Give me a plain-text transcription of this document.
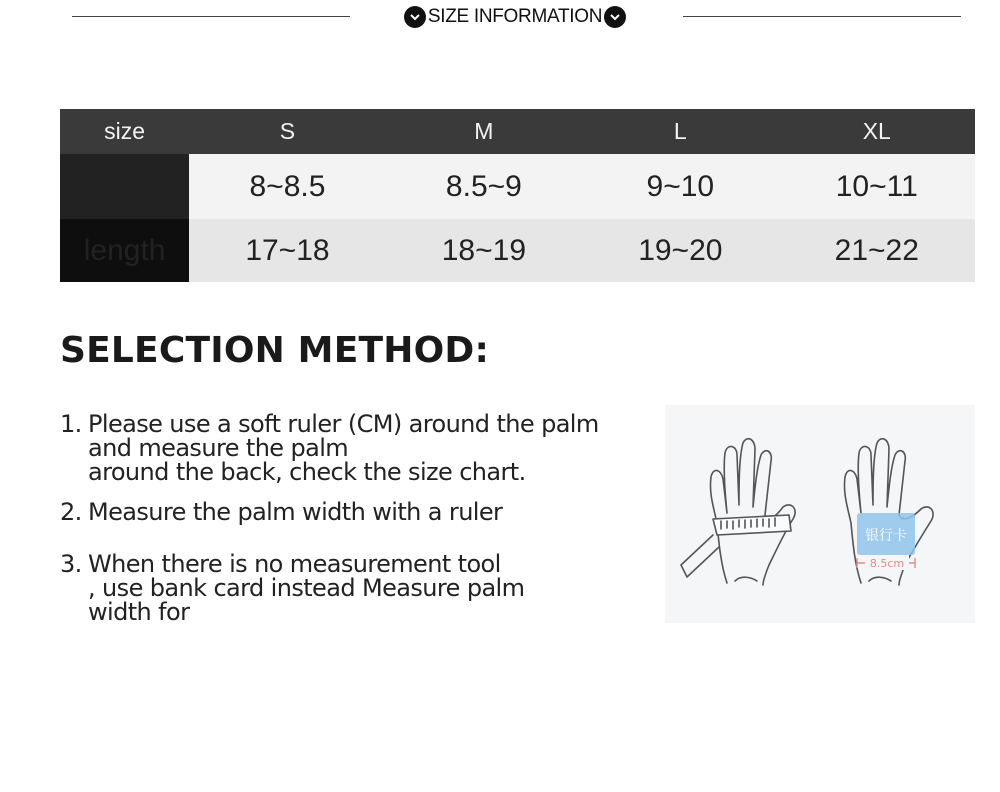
SIZE INFORMATION
size	S	M	L	XL
palm
width	8~8.5	8.5~9	9~10	10~11
length	17~18	18~19	19~20	21~22
SELECTION METHOD:
1. Please use a soft ruler (CM) around the palm
and measure the palm
around the back, check the size chart.
2. Measure the palm width with a ruler
3. When there is no measurement tool
, use bank card instead Measure palm
width for
银行卡
8.5cm
